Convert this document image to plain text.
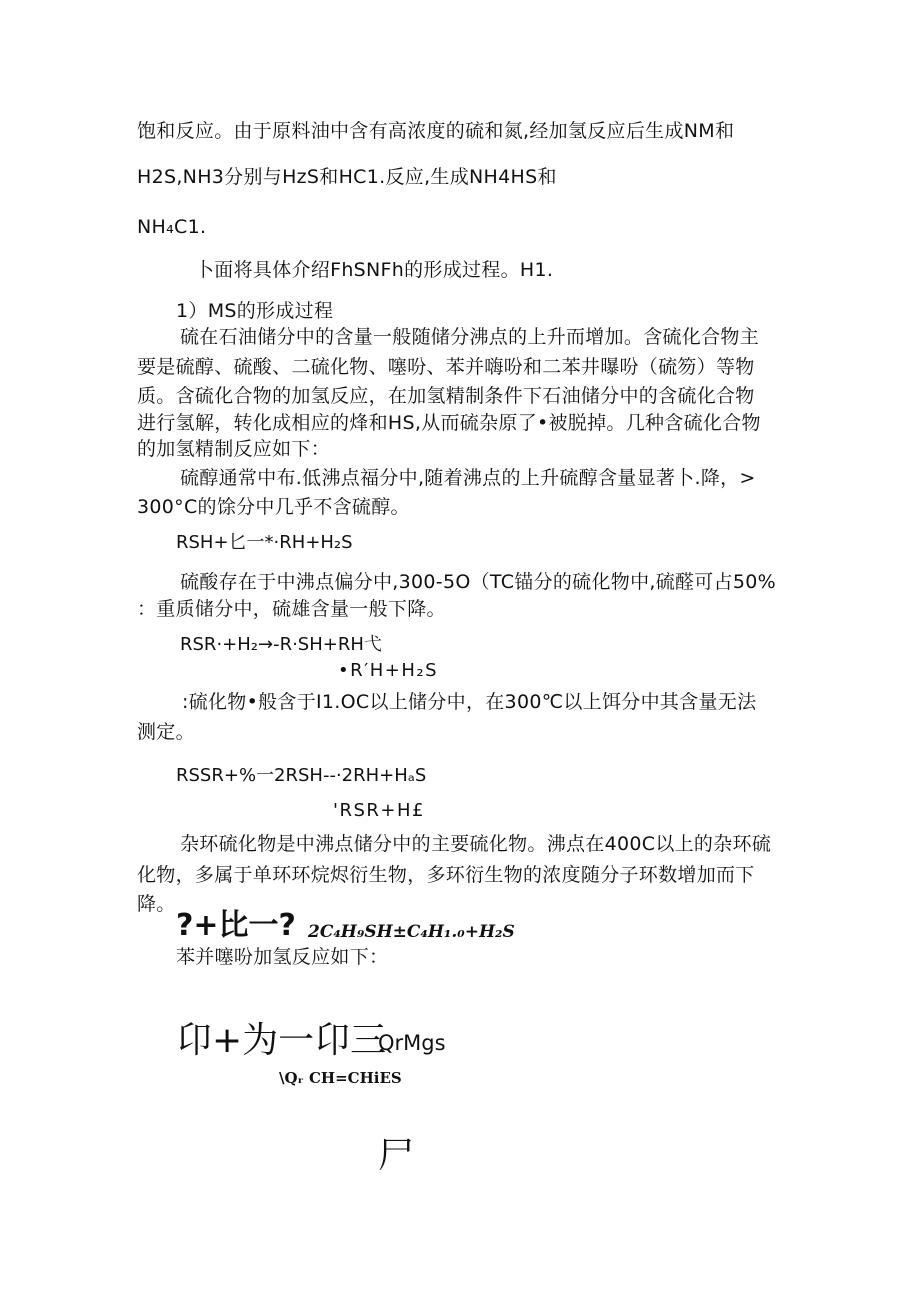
饱和反应。由于原料油中含有高浓度的硫和氮,经加氢反应后生成NM和

H2S,NH3分别与HzS和HC1.反应,生成NH4HS和

NH₄C1.

卜面将具体介绍FhSNFh的形成过程。H1.

1）MS的形成过程

硫在石油储分中的含量一般随储分沸点的上升而增加。含硫化合物主

要是硫醇、硫酸、二硫化物、噻吩、苯并嗨吩和二苯井曝吩（硫笏）等物

质。含硫化合物的加氢反应，在加氢精制条件下石油储分中的含硫化合物

进行氢解，转化成相应的烽和HS,从而硫杂原了•被脱掉。几种含硫化合物

的加氢精制反应如下：

硫醇通常中布.低沸点福分中,随着沸点的上升硫醇含量显著卜.降，>

300°C的馀分中几乎不含硫醇。

RSH+匕一*·RH+H₂S

硫酸存在于中沸点偏分中,300-5O（TC锚分的硫化物中,硫醛可占50%

：重质储分中，硫雄含量一般下降。

RSR·+H₂→-R·SH+RH弋

•R′H+H₂S

:硫化物•般含于I1.OC以上储分中，在300℃以上饵分中其含量无法

测定。

RSSR+%一2RSH--·2RH+HₐS

'RSR+H£

杂环硫化物是中沸点储分中的主要硫化物。沸点在400C以上的杂环硫

化物，多属于单环环烷烬衍生物，多环衍生物的浓度随分子环数增加而下

降。

?+比一? 2C₄H₉SH±C₄H₁.₀+H₂S

苯并噻吩加氢反应如下：

卬+为一卬三

QrMgs

\Qᵣ CH=CHiES

尸
